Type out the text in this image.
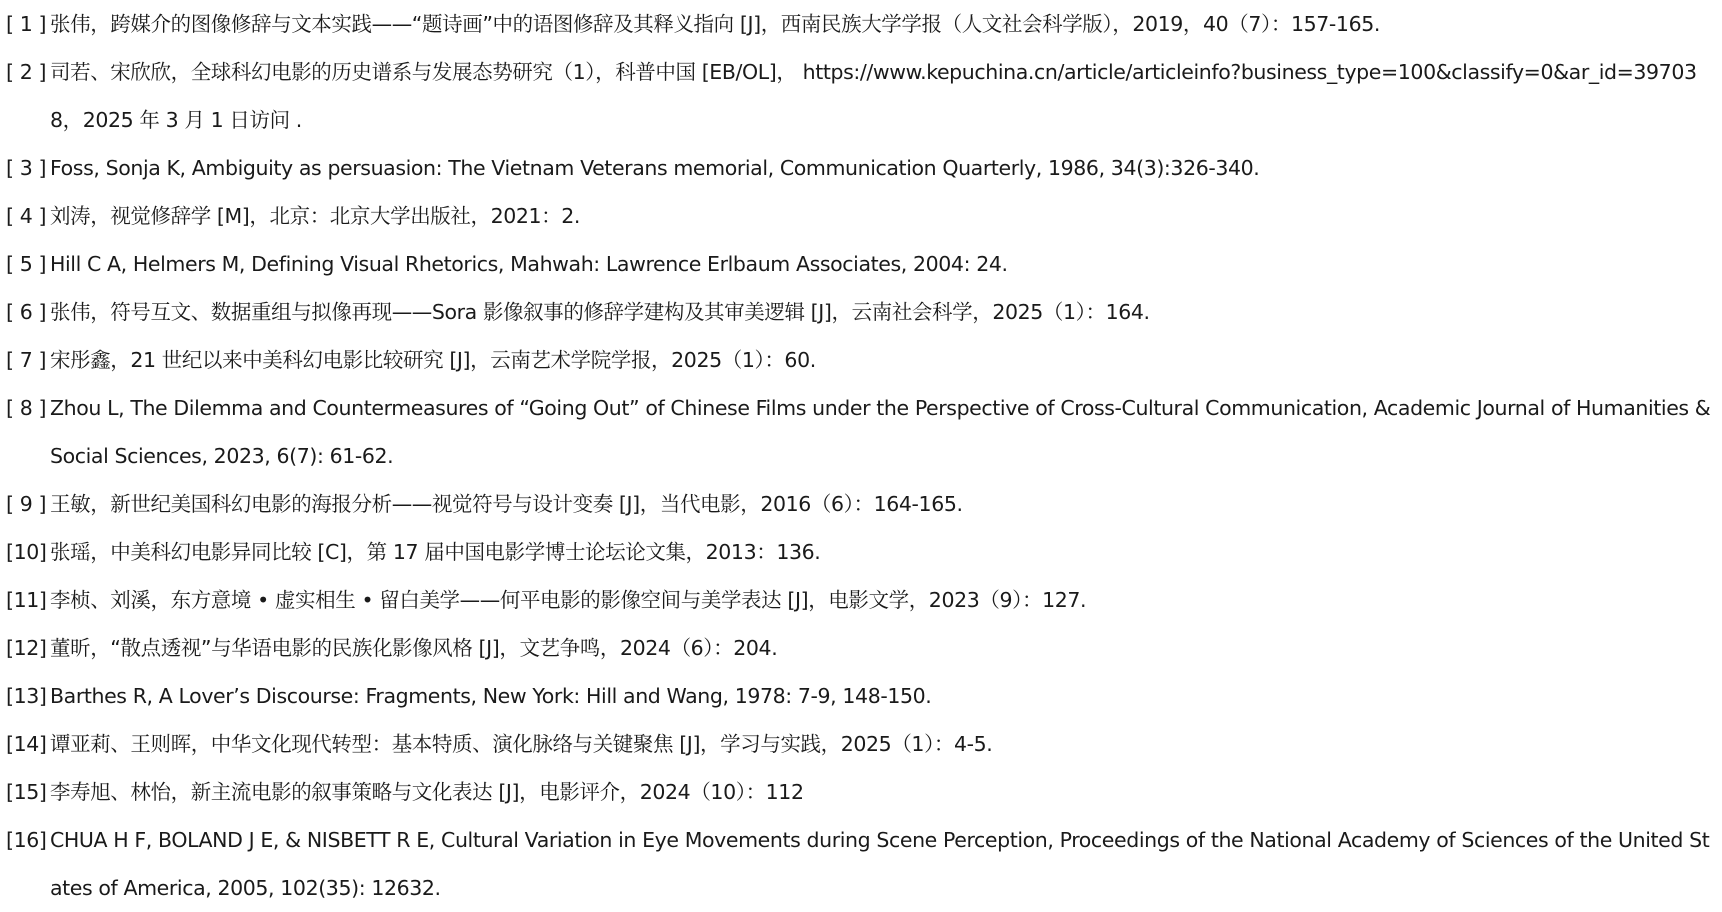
[ 1 ] 张伟，跨媒介的图像修辞与文本实践——“题诗画”中的语图修辞及其释义指向 [J]，西南民族大学学报（人文社会科学版），2019，40（7）：157-165.
[ 2 ] 司若、宋欣欣，全球科幻电影的历史谱系与发展态势研究（1），科普中国 [EB/OL]， https://www.kepuchina.cn/article/articleinfo?business_type=100&classify=0&ar_id=397038，2025 年 3 月 1 日访问 .
[ 3 ] Foss, Sonja K, Ambiguity as persuasion: The Vietnam Veterans memorial, Communication Quarterly, 1986, 34(3):326-340.
[ 4 ] 刘涛，视觉修辞学 [M]，北京：北京大学出版社，2021：2.
[ 5 ] Hill C A, Helmers M, Defining Visual Rhetorics, Mahwah: Lawrence Erlbaum Associates, 2004: 24.
[ 6 ] 张伟，符号互文、数据重组与拟像再现——Sora 影像叙事的修辞学建构及其审美逻辑 [J]，云南社会科学，2025（1）：164.
[ 7 ] 宋彤鑫，21 世纪以来中美科幻电影比较研究 [J]，云南艺术学院学报，2025（1）：60.
[ 8 ] Zhou L, The Dilemma and Countermeasures of “Going Out” of Chinese Films under the Perspective of Cross-Cultural Communication, Academic Journal of Humanities & Social Sciences, 2023, 6(7): 61-62.
[ 9 ] 王敏，新世纪美国科幻电影的海报分析——视觉符号与设计变奏 [J]，当代电影，2016（6）：164-165.
[10] 张瑶，中美科幻电影异同比较 [C]，第 17 届中国电影学博士论坛论文集，2013：136.
[11] 李桢、刘溪，东方意境 • 虚实相生 • 留白美学——何平电影的影像空间与美学表达 [J]，电影文学，2023（9）：127.
[12] 董昕，“散点透视”与华语电影的民族化影像风格 [J]，文艺争鸣，2024（6）：204.
[13] Barthes R, A Lover’s Discourse: Fragments, New York: Hill and Wang, 1978: 7-9, 148-150.
[14] 谭亚莉、王则晖，中华文化现代转型：基本特质、演化脉络与关键聚焦 [J]，学习与实践，2025（1）：4-5.
[15] 李寿旭、林怡，新主流电影的叙事策略与文化表达 [J]，电影评介，2024（10）：112
[16] CHUA H F, BOLAND J E, & NISBETT R E, Cultural Variation in Eye Movements during Scene Perception, Proceedings of the National Academy of Sciences of the United States of America, 2005, 102(35): 12632.
